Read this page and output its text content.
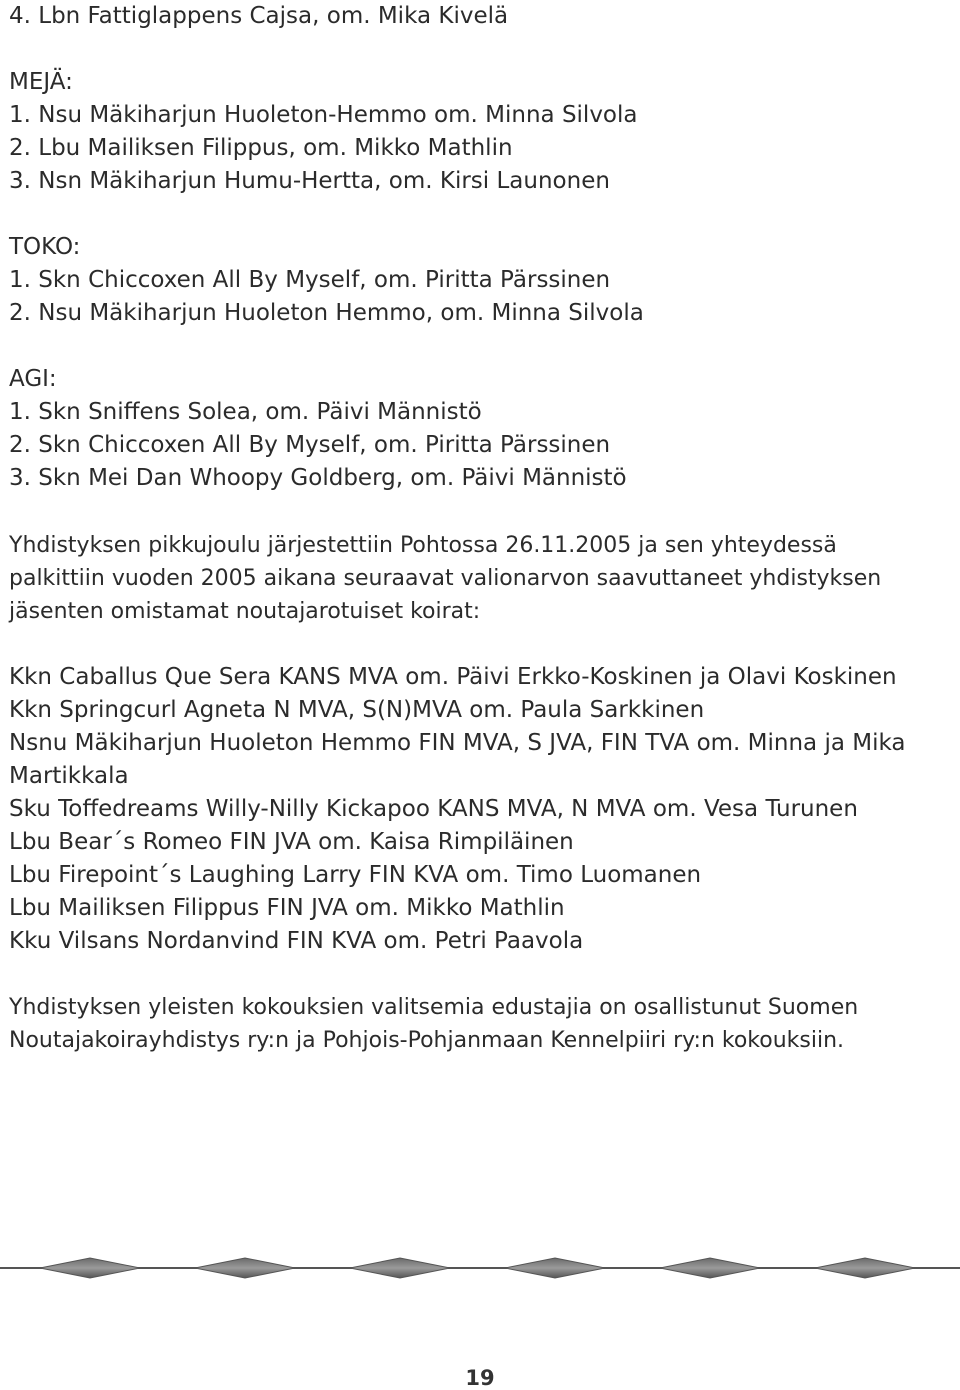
4. Lbn Fattiglappens Cajsa, om. Mika Kivelä
MEJÄ:
1. Nsu Mäkiharjun Huoleton-Hemmo om. Minna Silvola
2. Lbu Mailiksen Filippus, om. Mikko Mathlin
3. Nsn Mäkiharjun Humu-Hertta, om. Kirsi Launonen
TOKO:
1. Skn Chiccoxen All By Myself, om. Piritta Pärssinen
2. Nsu Mäkiharjun Huoleton Hemmo, om. Minna Silvola
AGI:
1. Skn Sniffens Solea, om. Päivi Männistö
2. Skn Chiccoxen All By Myself, om. Piritta Pärssinen
3. Skn Mei Dan Whoopy Goldberg, om. Päivi Männistö
Yhdistyksen pikkujoulu järjestettiin Pohtossa 26.11.2005 ja sen yhteydessä
palkittiin vuoden 2005 aikana seuraavat valionarvon saavuttaneet yhdistyksen
jäsenten omistamat noutajarotuiset koirat:
Kkn Caballus Que Sera KANS MVA om. Päivi Erkko-Koskinen ja Olavi Koskinen
Kkn Springcurl Agneta N MVA, S(N)MVA om. Paula Sarkkinen
Nsnu Mäkiharjun Huoleton Hemmo FIN MVA, S JVA, FIN TVA om. Minna ja Mika
Martikkala
Sku Toffedreams Willy-Nilly Kickapoo KANS MVA, N MVA om. Vesa Turunen
Lbu Bear´s Romeo FIN JVA om. Kaisa Rimpiläinen
Lbu Firepoint´s Laughing Larry FIN KVA om. Timo Luomanen
Lbu Mailiksen Filippus FIN JVA om. Mikko Mathlin
Kku Vilsans Nordanvind FIN KVA om. Petri Paavola
Yhdistyksen yleisten kokouksien valitsemia edustajia on osallistunut Suomen
Noutajakoirayhdistys ry:n ja Pohjois-Pohjanmaan Kennelpiiri ry:n kokouksiin.
19
